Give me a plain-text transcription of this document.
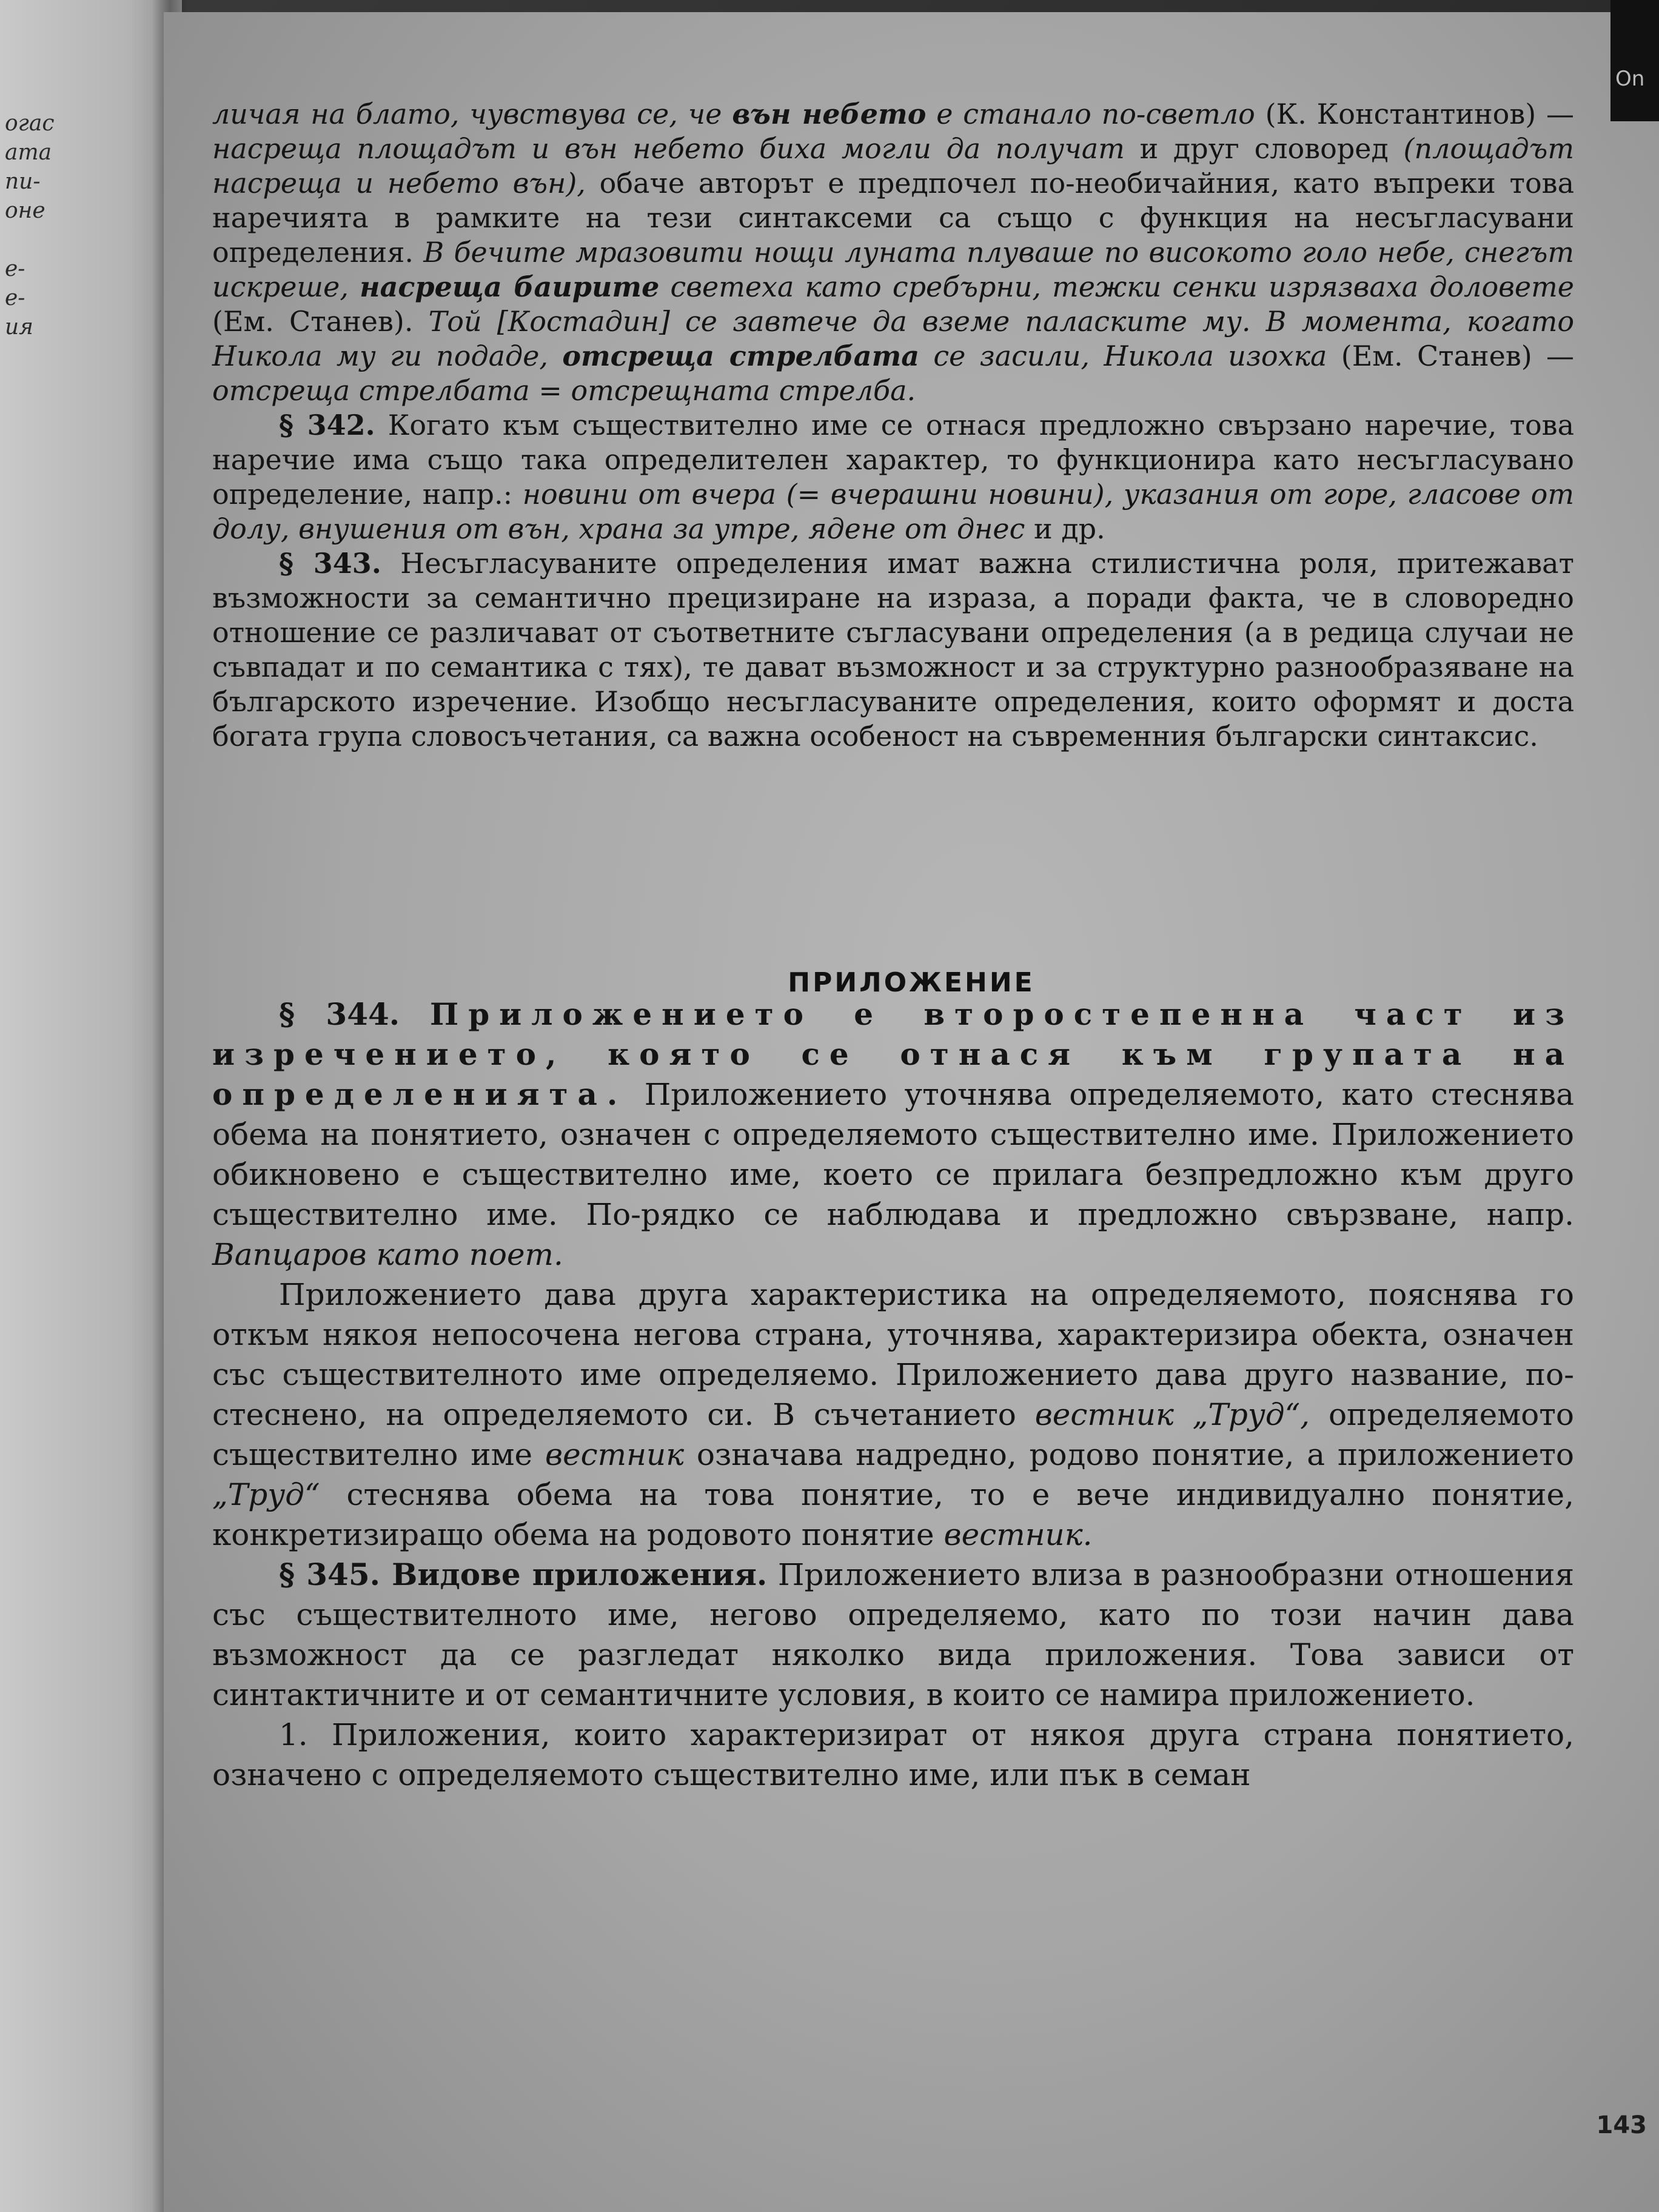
огас
ата
пи-
оне
е-
е-
ия

личая на блато, чувствува се, че вън небето е станало по-светло (К. Константинов) — насреща площадът и вън небето биха могли да получат и друг словоред (площадът насреща и небето вън), обаче авторът е предпочел по-необичайния, като въпреки това наречията в рамките на тези синтаксеми са също с функция на несъгласувани определения. В бечите мразовити нощи луната плуваше по високото голо небе, снегът искреше, насреща баирите светеха като сребърни, тежки сенки изрязваха доловете (Ем. Станев). Той [Костадин] се завтече да вземе паласките му. В момента, когато Никола му ги подаде, отсреща стрелбата се засили, Никола изохка (Ем. Станев) — отсреща стрелбата = отсрещната стрелба.

§ 342. Когато към съществително име се отнася предложно свързано наречие, това наречие има също така определителен характер, то функционира като несъгласувано определение, напр.: новини от вчера (= вчерашни новини), указания от горе, гласове от долу, внушения от вън, храна за утре, ядене от днес и др.

§ 343. Несъгласуваните определения имат важна стилистична роля, притежават възможности за семантично прецизиране на израза, а поради факта, че в словоредно отношение се различават от съответните съгласувани определения (а в редица случаи не съвпадат и по семантика с тях), те дават възможност и за структурно разнообразяване на българското изречение. Изобщо несъгласуваните определения, които оформят и доста богата група словосъчетания, са важна особеност на съвременния български синтаксис.

ПРИЛОЖЕНИЕ

§ 344. Приложението е второстепенна част из изречението, която се отнася към групата на определенията. Приложението уточнява определяемото, като стеснява обема на понятието, означен с определяемото съществително име. Приложението обикновено е съществително име, което се прилага безпредложно към друго съществително име. По-рядко се наблюдава и предложно свързване, напр. Вапцаров като поет.

Приложението дава друга характеристика на определяемото, пояснява го откъм някоя непосочена негова страна, уточнява, характеризира обекта, означен със съществителното име определяемо. Приложението дава друго название, по-стеснено, на определяемото си. В съчетанието вестник „Труд“, определяемото съществително име вестник означава надредно, родово понятие, а приложението „Труд“ стеснява обема на това понятие, то е вече индивидуално понятие, конкретизиращо обема на родовото понятие вестник.

§ 345. Видове приложения. Приложението влиза в разнообразни отношения със съществителното име, негово определяемо, като по този начин дава възможност да се разгледат няколко вида приложения. Това зависи от синтактичните и от семантичните условия, в които се намира приложението.

1. Приложения, които характеризират от някоя друга страна понятието, означено с определяемото съществително име, или пък в семан

143
On
